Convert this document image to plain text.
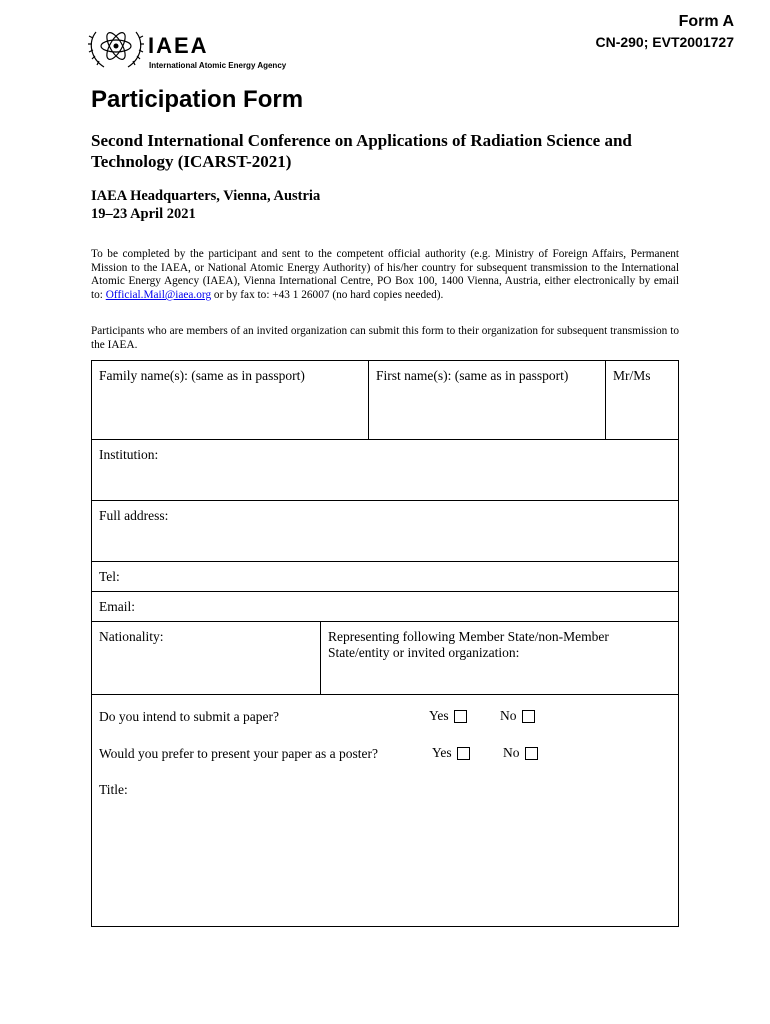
IAEA
International Atomic Energy Agency
Form A
CN-290; EVT2001727
Participation Form
Second International Conference on Applications of Radiation Science and Technology (ICARST-2021)
IAEA Headquarters, Vienna, Austria
19–23 April 2021
To be completed by the participant and sent to the competent official authority (e.g. Ministry of Foreign Affairs, Permanent Mission to the IAEA, or National Atomic Energy Authority) of his/her country for subsequent transmission to the International Atomic Energy Agency (IAEA), Vienna International Centre, PO Box 100, 1400 Vienna, Austria, either electronically by email to: Official.Mail@iaea.org or by fax to: +43 1 26007 (no hard copies needed).
Participants who are members of an invited organization can submit this form to their organization for subsequent transmission to the IAEA.
Family name(s): (same as in passport)	First name(s): (same as in passport)	Mr/Ms
Institution:
Full address:
Tel:
Email:
Nationality:	Representing following Member State/non-Member State/entity or invited organization:
Do you intend to submit a paper?	Yes	No
Would you prefer to present your paper as a poster?	Yes	No
Title:
